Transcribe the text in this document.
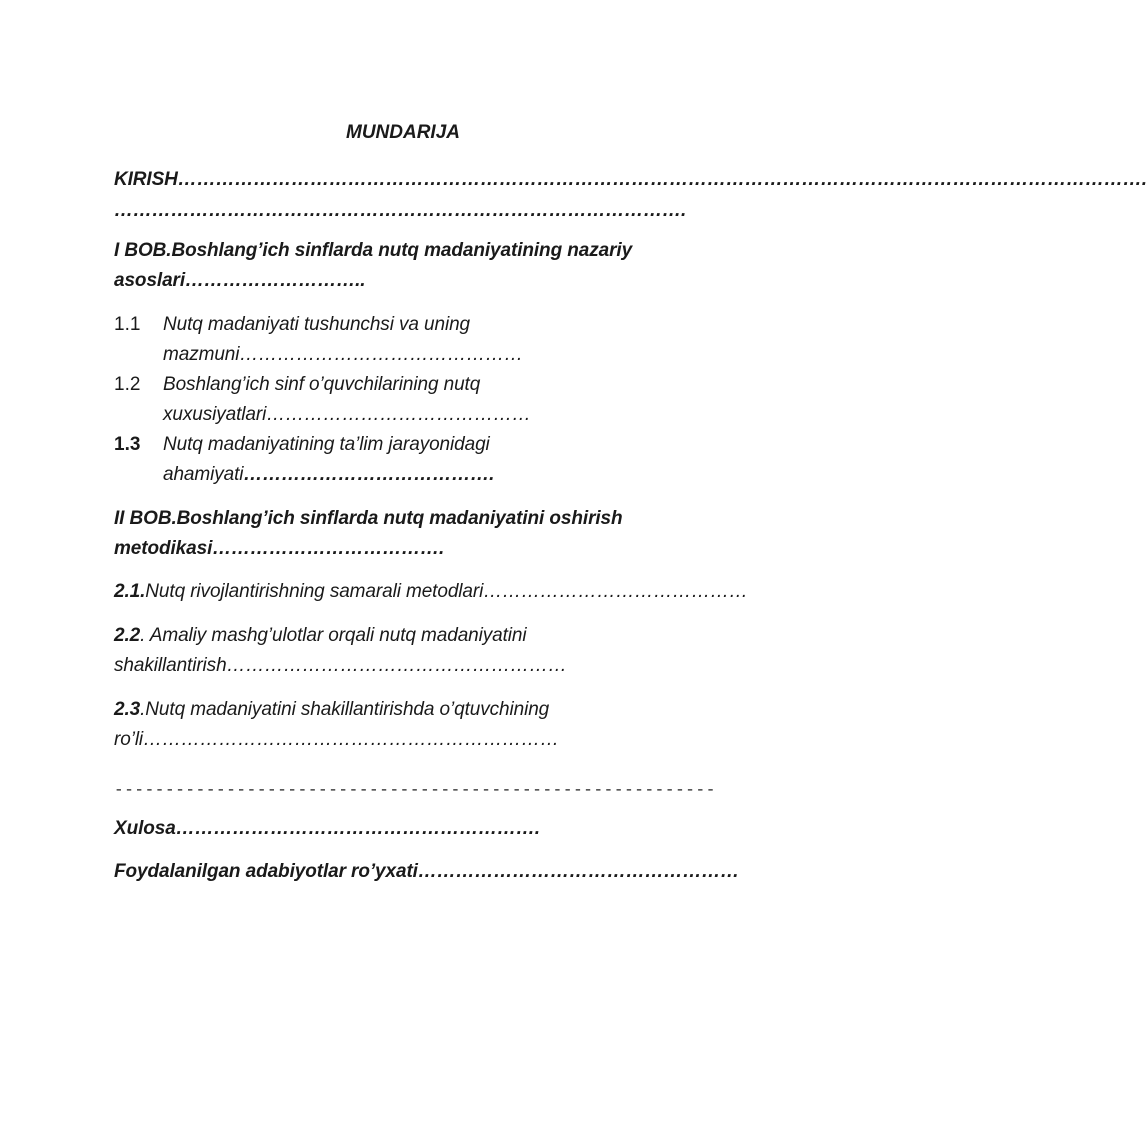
MUNDARIJA
KIRISH……………………………………………………………………………………………………………………………………….
……………………………………………………………………………….
I BOB.Boshlang’ich sinflarda nutq madaniyatining nazariy
asoslari………………………..
1.1 Nutq madaniyati tushunchsi va uning
mazmuni………………………………………
1.2 Boshlang’ich sinf o’quvchilarining nutq
xuxusiyatlari……………………………………
1.3 Nutq madaniyatining ta’lim jarayonidagi
ahamiyati………………………………….
II BOB.Boshlang’ich sinflarda nutq madaniyatini oshirish
metodikasi……………………………….
2.1.Nutq rivojlantirishning samarali metodlari……………………………………
2.2. Amaliy mashg’ulotlar orqali nutq madaniyatini
shakillantirish………………………………………………
2.3.Nutq madaniyatini shakillantirishda o’qtuvchining
ro’li…………………………………………………………
-----------------------------------------------------------
Xulosa………………………………………………….
Foydalanilgan adabiyotlar ro’yxati……………………………………………
